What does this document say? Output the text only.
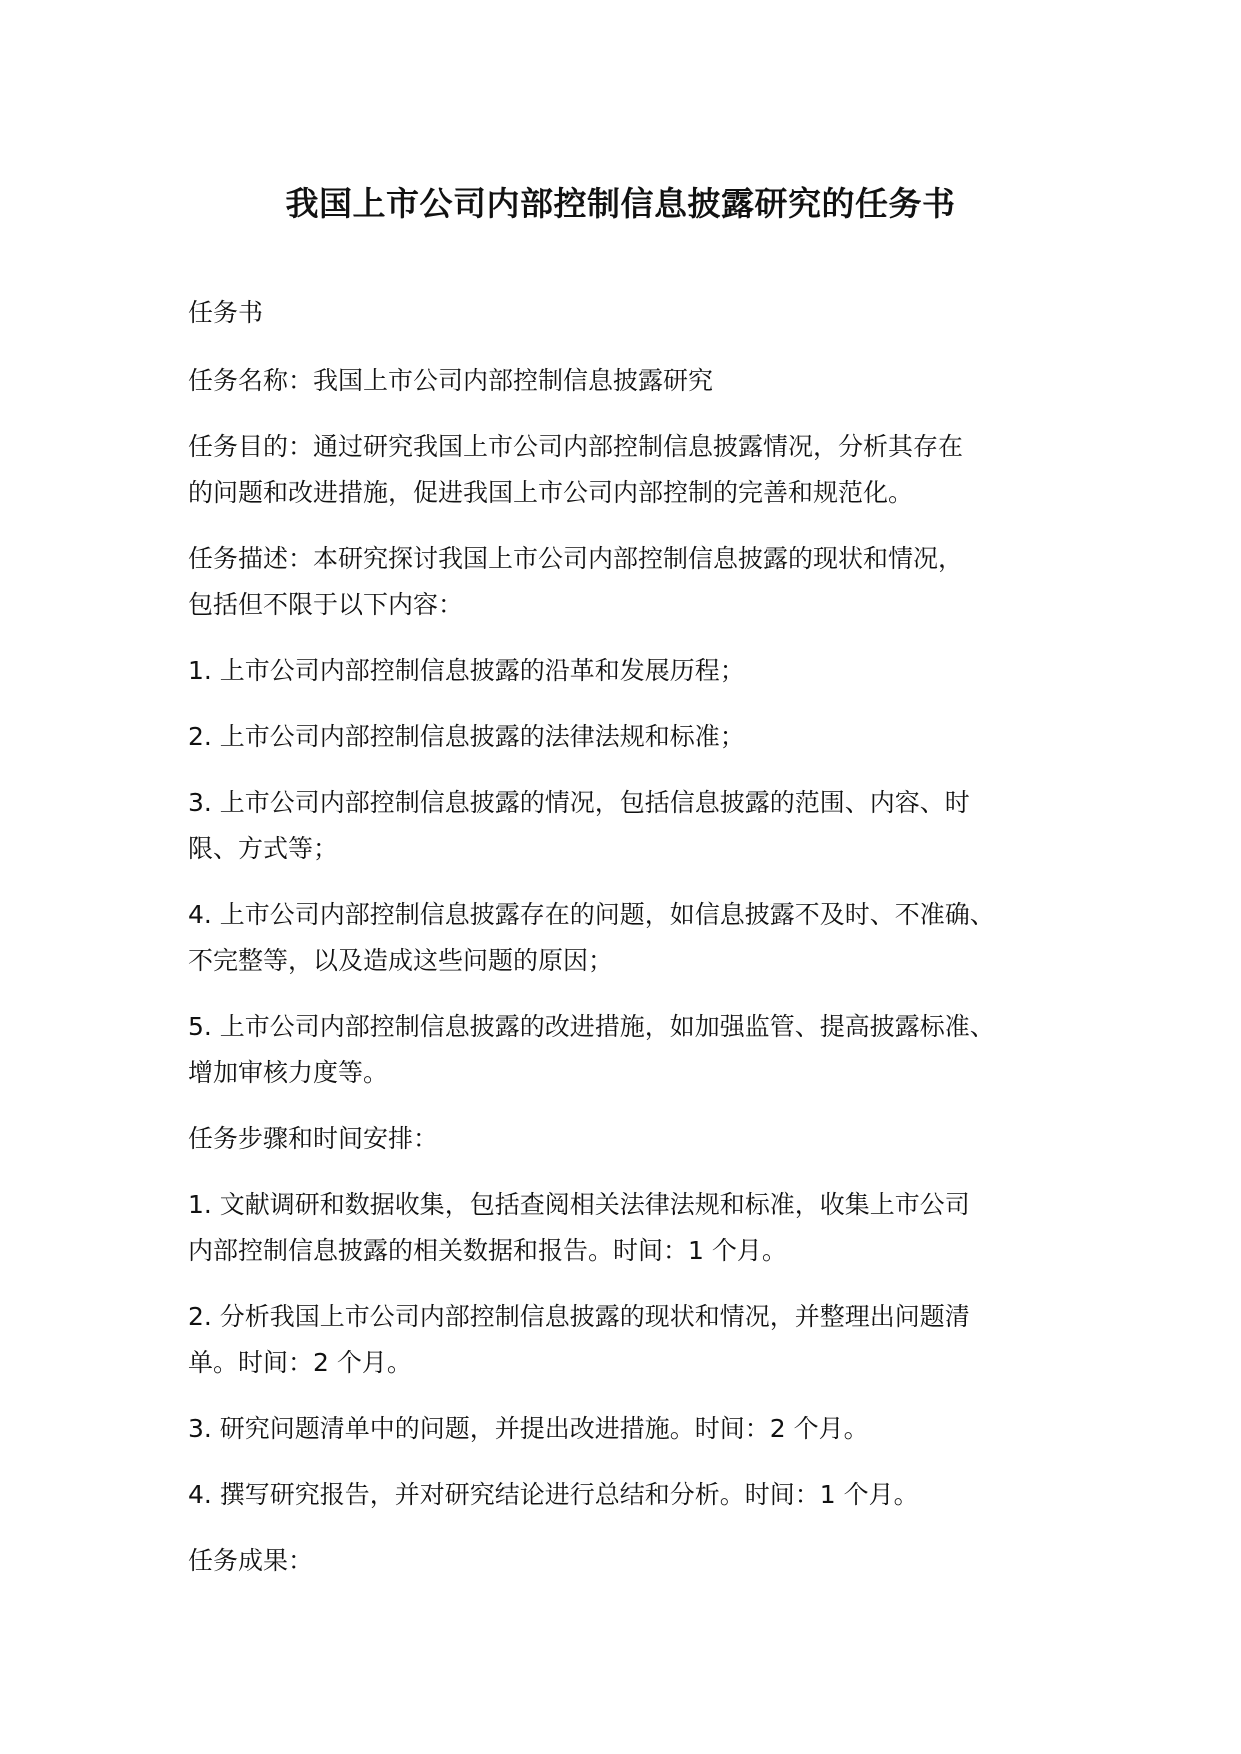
我国上市公司内部控制信息披露研究的任务书

任务书

任务名称：我国上市公司内部控制信息披露研究

任务目的：通过研究我国上市公司内部控制信息披露情况，分析其存在
的问题和改进措施，促进我国上市公司内部控制的完善和规范化。

任务描述：本研究探讨我国上市公司内部控制信息披露的现状和情况，
包括但不限于以下内容：

1. 上市公司内部控制信息披露的沿革和发展历程；

2. 上市公司内部控制信息披露的法律法规和标准；

3. 上市公司内部控制信息披露的情况，包括信息披露的范围、内容、时
限、方式等；

4. 上市公司内部控制信息披露存在的问题，如信息披露不及时、不准确、
不完整等，以及造成这些问题的原因；

5. 上市公司内部控制信息披露的改进措施，如加强监管、提高披露标准、
增加审核力度等。

任务步骤和时间安排：

1. 文献调研和数据收集，包括查阅相关法律法规和标准，收集上市公司
内部控制信息披露的相关数据和报告。时间：1 个月。

2. 分析我国上市公司内部控制信息披露的现状和情况，并整理出问题清
单。时间：2 个月。

3. 研究问题清单中的问题，并提出改进措施。时间：2 个月。

4. 撰写研究报告，并对研究结论进行总结和分析。时间：1 个月。

任务成果：
